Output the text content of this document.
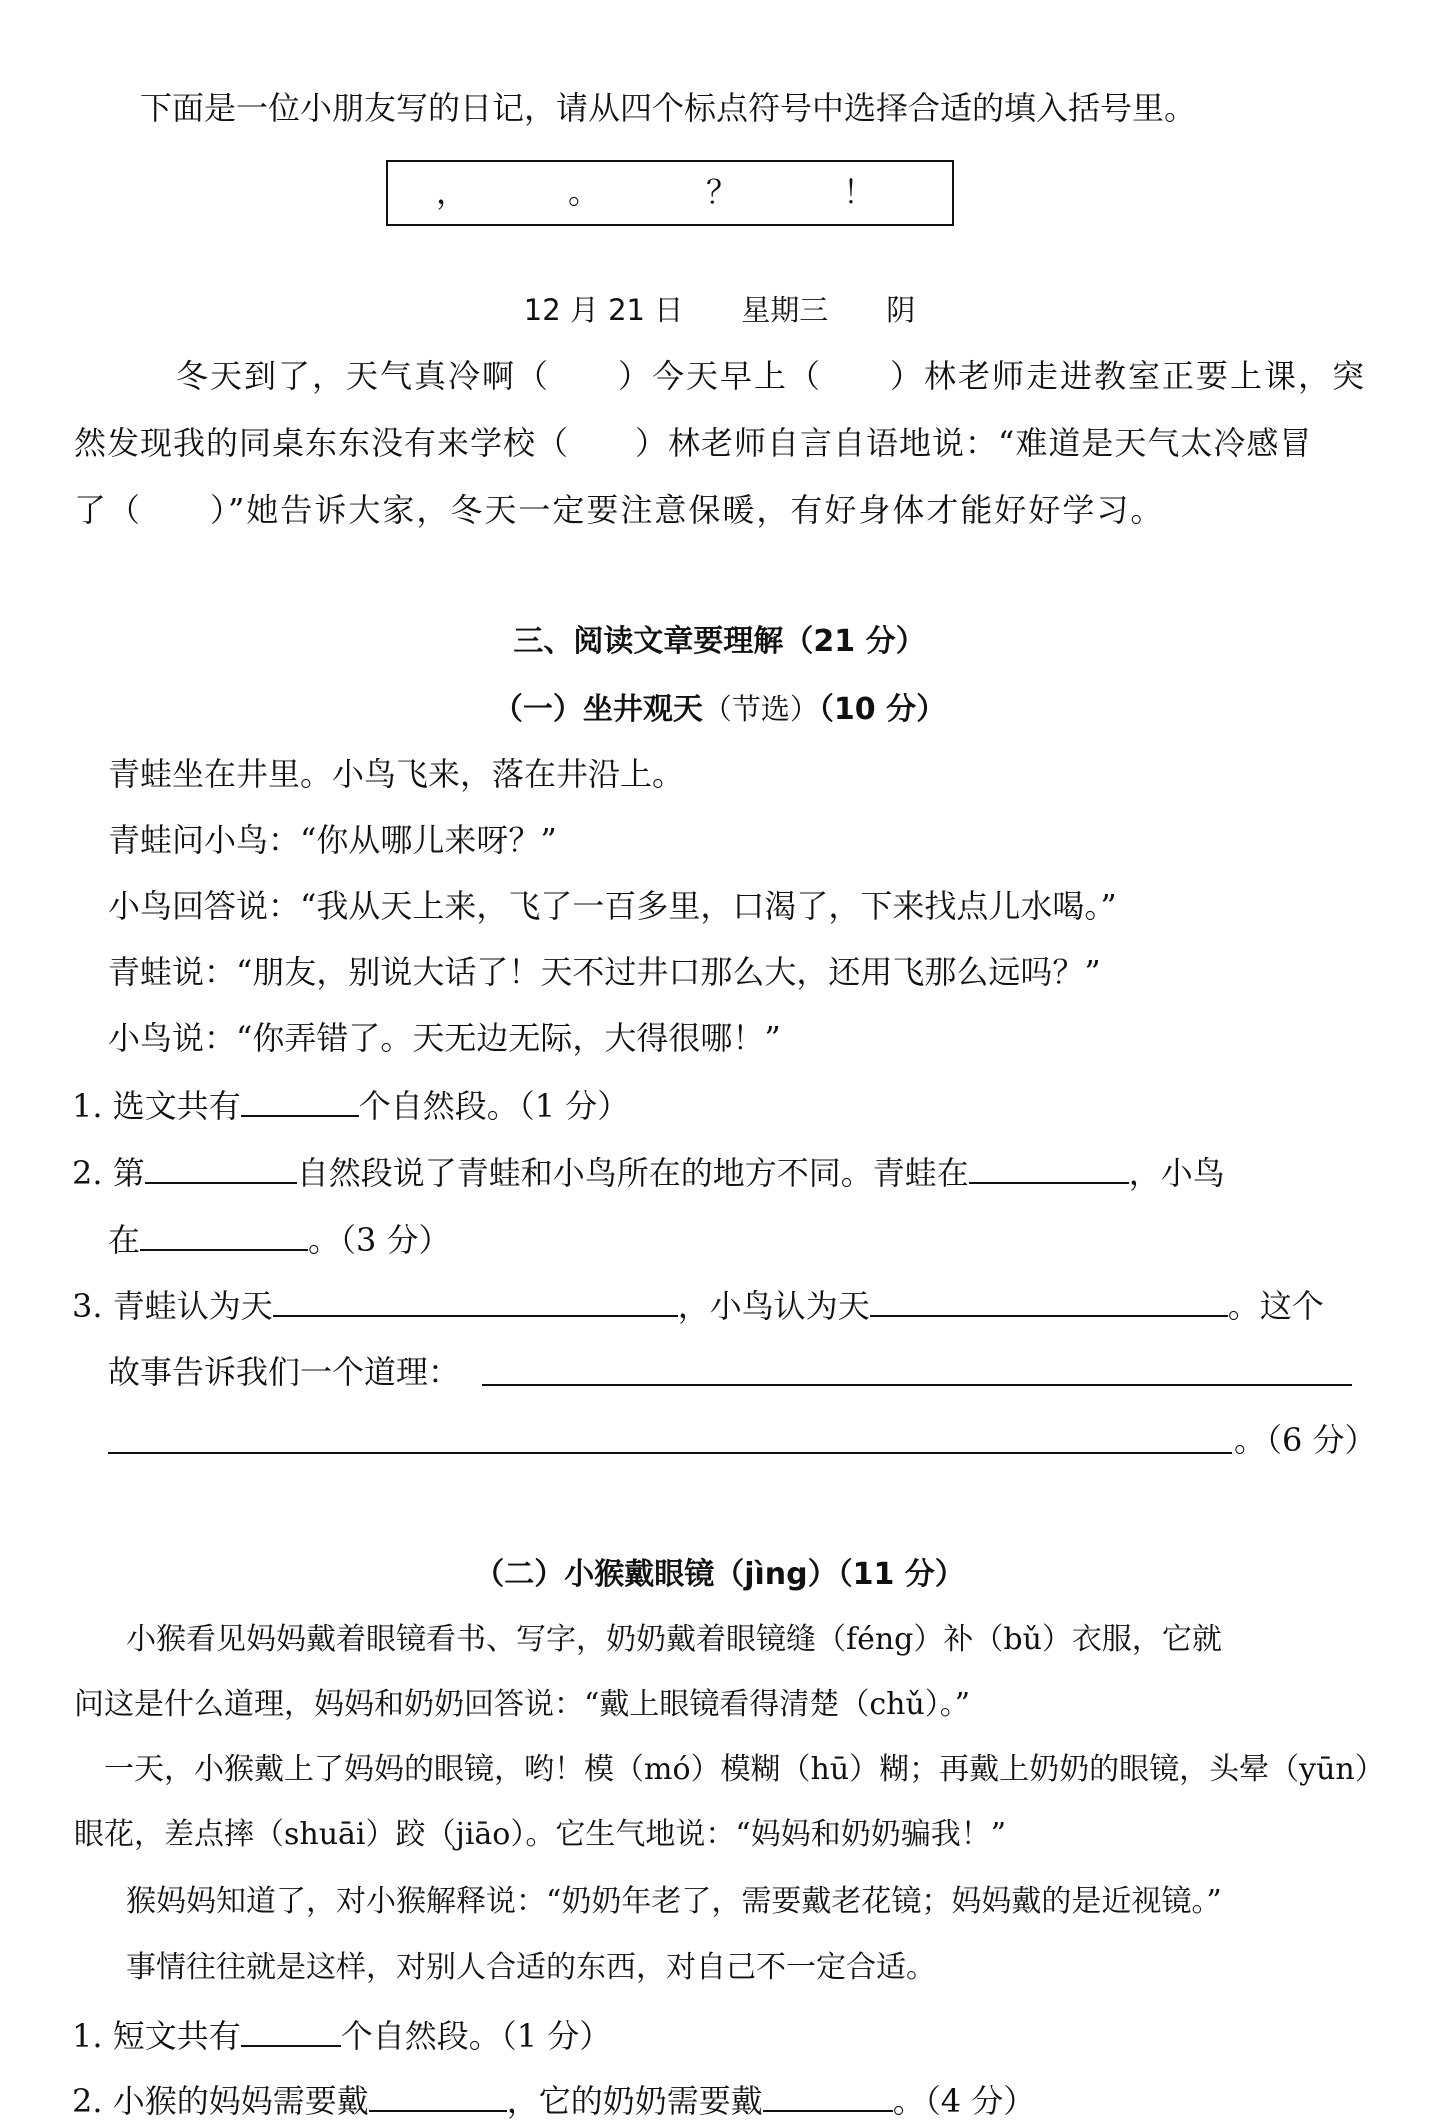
下面是一位小朋友写的日记，请从四个标点符号中选择合适的填入括号里。
，	。	？	！
12 月 21 日　　星期三　　阴
冬天到了，天气真冷啊（　　）今天早上（　　）林老师走进教室正要上课，突
然发现我的同桌东东没有来学校（　　）林老师自言自语地说：“难道是天气太冷感冒
了（　　）”她告诉大家，冬天一定要注意保暖，有好身体才能好好学习。
三、阅读文章要理解（21 分）
（一）坐井观天（节选）（10 分）
青蛙坐在井里。小鸟飞来，落在井沿上。
青蛙问小鸟：“你从哪儿来呀？”
小鸟回答说：“我从天上来，飞了一百多里，口渴了，下来找点儿水喝。”
青蛙说：“朋友，别说大话了！天不过井口那么大，还用飞那么远吗？”
小鸟说：“你弄错了。天无边无际，大得很哪！”
1. 选文共有	个自然段。（1 分）
2. 第	自然段说了青蛙和小鸟所在的地方不同。青蛙在	，小鸟
在	。（3 分）
3. 青蛙认为天	，小鸟认为天	。这个
故事告诉我们一个道理：
。（6 分）
（二）小猴戴眼镜（jìng）（11 分）
小猴看见妈妈戴着眼镜看书、写字，奶奶戴着眼镜缝（féng）补（bǔ）衣服，它就
问这是什么道理，妈妈和奶奶回答说：“戴上眼镜看得清楚（chǔ）。”
一天，小猴戴上了妈妈的眼镜，哟！模（mó）模糊（hū）糊；再戴上奶奶的眼镜，头晕（yūn）
眼花，差点摔（shuāi）跤（jiāo）。它生气地说：“妈妈和奶奶骗我！”
猴妈妈知道了，对小猴解释说：“奶奶年老了，需要戴老花镜；妈妈戴的是近视镜。”
事情往往就是这样，对别人合适的东西，对自己不一定合适。
1. 短文共有	个自然段。（1 分）
2. 小猴的妈妈需要戴	，它的奶奶需要戴	。（4 分）
